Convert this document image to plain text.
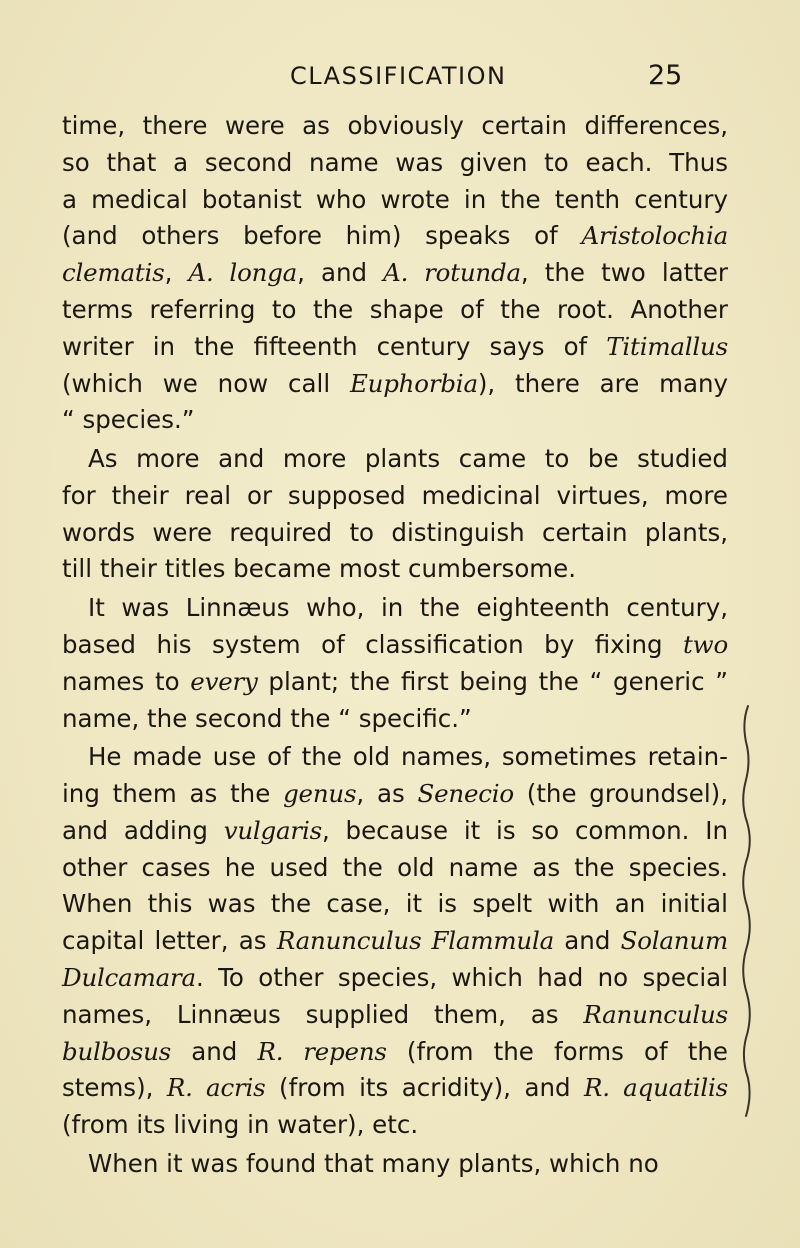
CLASSIFICATION	25
time, there were as obviously certain differences,
so that a second name was given to each. Thus
a medical botanist who wrote in the tenth century
(and others before him) speaks of Aristolochia
clematis, A. longa, and A. rotunda, the two latter
terms referring to the shape of the root. Another
writer in the fifteenth century says of Titimallus
(which we now call Euphorbia), there are many
“ species.”
As more and more plants came to be studied
for their real or supposed medicinal virtues, more
words were required to distinguish certain plants,
till their titles became most cumbersome.
It was Linnæus who, in the eighteenth century,
based his system of classification by fixing two
names to every plant; the first being the “ generic ”
name, the second the “ specific.”
He made use of the old names, sometimes retain-
ing them as the genus, as Senecio (the groundsel),
and adding vulgaris, because it is so common. In
other cases he used the old name as the species.
When this was the case, it is spelt with an initial
capital letter, as Ranunculus Flammula and Solanum
Dulcamara. To other species, which had no special
names, Linnæus supplied them, as Ranunculus
bulbosus and R. repens (from the forms of the
stems), R. acris (from its acridity), and R. aquatilis
(from its living in water), etc.
When it was found that many plants, which no
